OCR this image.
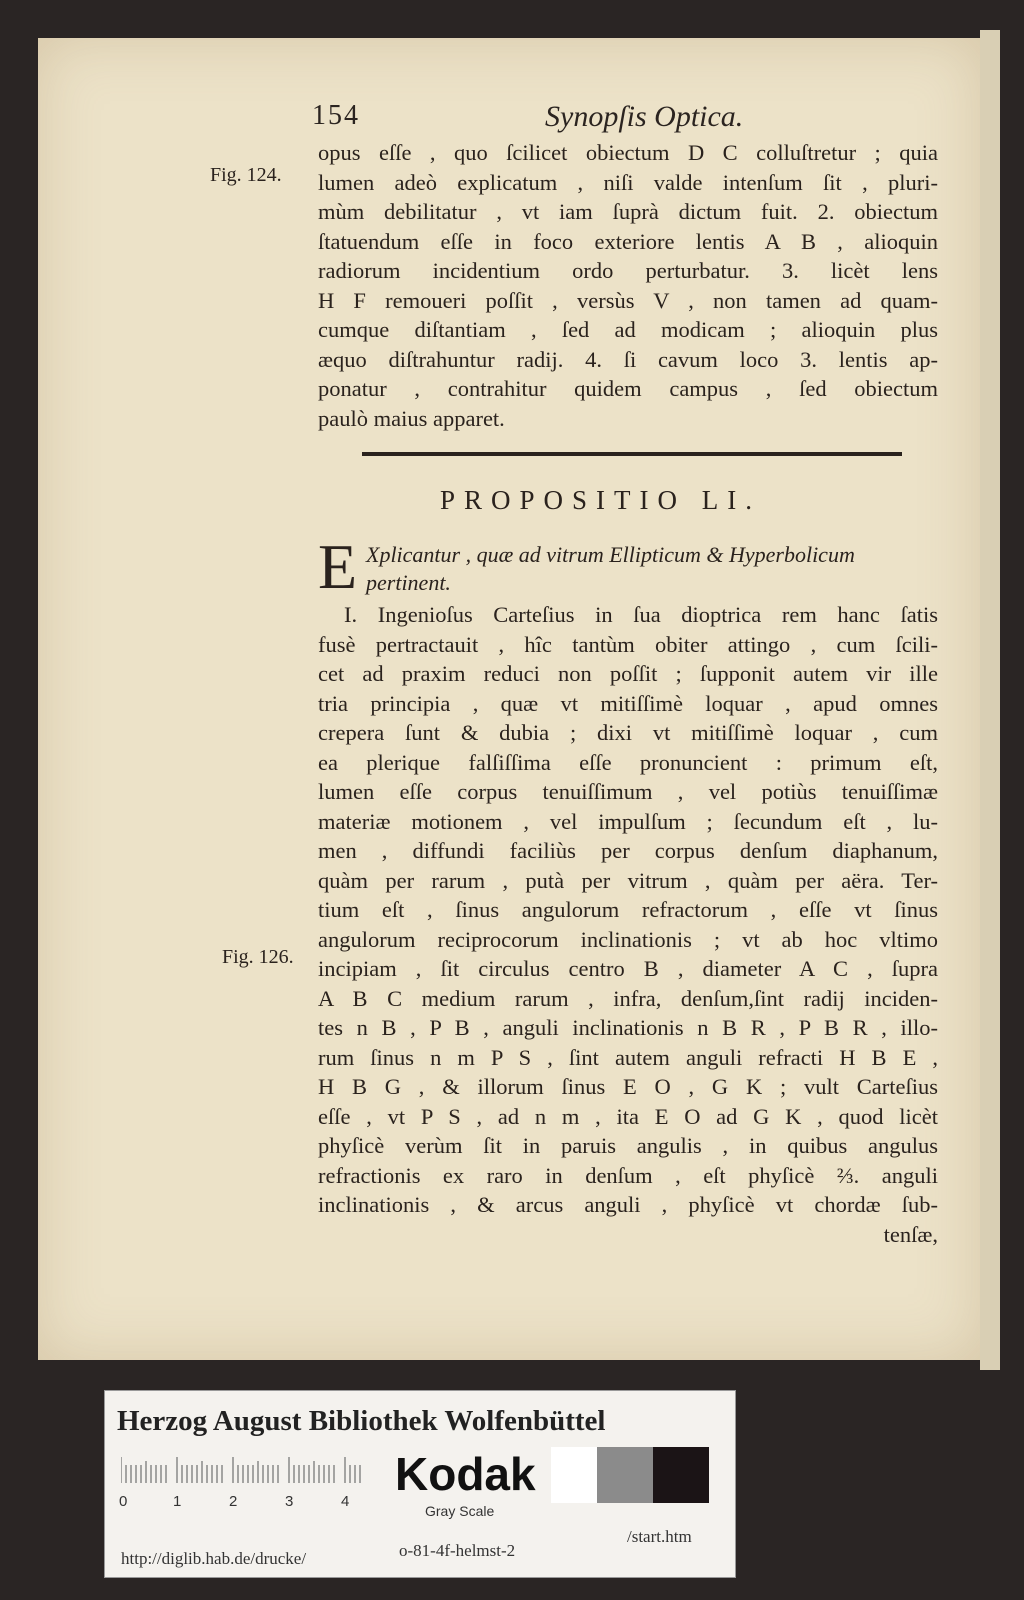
154	Synopſis Optica.
Fig. 124.
Fig. 126.
opus eſſe , quo ſcilicet obiectum D C colluſtretur ; quia
lumen adeò explicatum , niſi valde intenſum ſit , pluri-
mùm debilitatur , vt iam ſuprà dictum fuit. 2. obiectum
ſtatuendum eſſe in foco exteriore lentis A B , alioquin
radiorum incidentium ordo perturbatur. 3. licèt lens
H F remoueri poſſit , versùs V , non tamen ad quam-
cumque diſtantiam , ſed ad modicam ; alioquin plus
æquo diſtrahuntur radij. 4. ſi cavum loco 3. lentis ap-
ponatur , contrahitur quidem campus , ſed obiectum
paulò maius apparet.
PROPOSITIO LI.
E Xplicantur , quæ ad vitrum Ellipticum & Hyperbolicum
pertinent.
I. Ingenioſus Carteſius in ſua dioptrica rem hanc ſatis
fusè pertractauit , hîc tantùm obiter attingo , cum ſcili-
cet ad praxim reduci non poſſit ; ſupponit autem vir ille
tria principia , quæ vt mitiſſimè loquar , apud omnes
crepera ſunt & dubia ; dixi vt mitiſſimè loquar , cum
ea plerique falſiſſima eſſe pronuncient : primum eſt,
lumen eſſe corpus tenuiſſimum , vel potiùs tenuiſſimæ
materiæ motionem , vel impulſum ; ſecundum eſt , lu-
men , diffundi faciliùs per corpus denſum diaphanum,
quàm per rarum , putà per vitrum , quàm per aëra. Ter-
tium eſt , ſinus angulorum refractorum , eſſe vt ſinus
angulorum reciprocorum inclinationis ; vt ab hoc vltimo
incipiam , ſit circulus centro B , diameter A C , ſupra
A B C medium rarum , infra, denſum,ſint radij inciden-
tes n B , P B , anguli inclinationis n B R , P B R , illo-
rum ſinus n m P S , ſint autem anguli refracti H B E ,
H B G , & illorum ſinus E O , G K ; vult Carteſius
eſſe , vt P S , ad n m , ita E O ad G K , quod licèt
phyſicè verùm ſit in paruis angulis , in quibus angulus
refractionis ex raro in denſum , eſt phyſicè ⅔. anguli
inclinationis , & arcus anguli , phyſicè vt chordæ ſub-
tenſæ,
Herzog August Bibliothek Wolfenbüttel
0	1	2	3	4
Kodak
Gray Scale
http://diglib.hab.de/drucke/	o-81-4f-helmst-2
/start.htm
